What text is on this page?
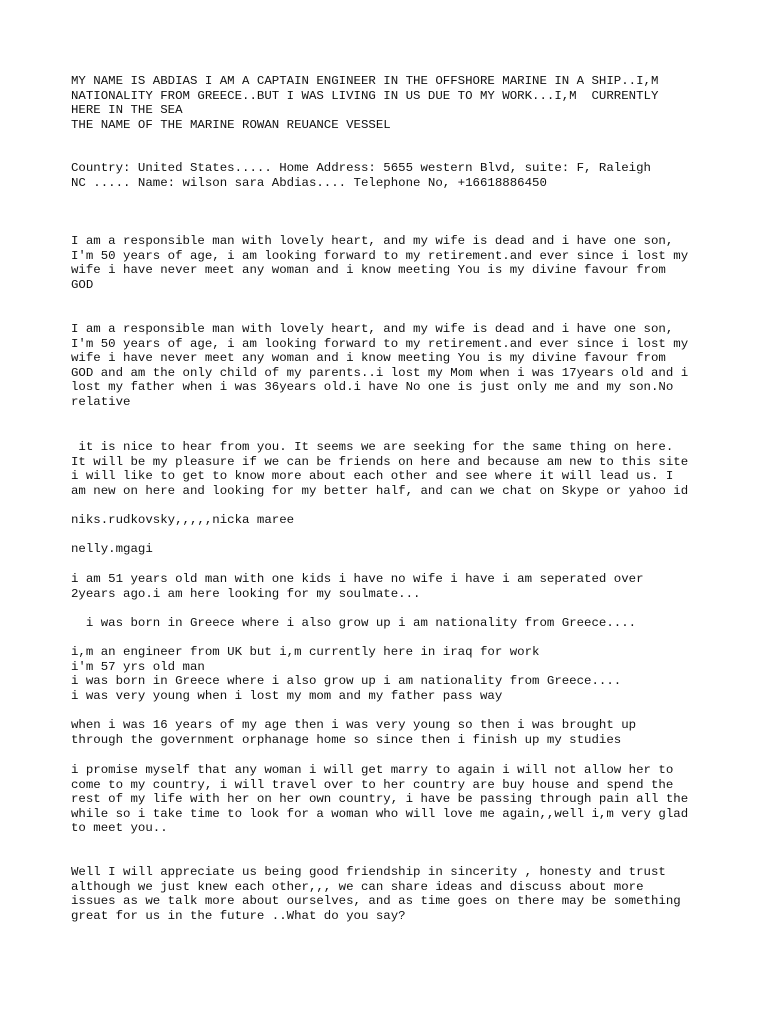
MY NAME IS ABDIAS I AM A CAPTAIN ENGINEER IN THE OFFSHORE MARINE IN A SHIP..I,M
NATIONALITY FROM GREECE..BUT I WAS LIVING IN US DUE TO MY WORK...I,M  CURRENTLY
HERE IN THE SEA
THE NAME OF THE MARINE ROWAN REUANCE VESSEL

Country: United States..... Home Address: 5655 western Blvd, suite: F, Raleigh
NC ..... Name: wilson sara Abdias.... Telephone No, +16618886450

I am a responsible man with lovely heart, and my wife is dead and i have one son,
I'm 50 years of age, i am looking forward to my retirement.and ever since i lost my
wife i have never meet any woman and i know meeting You is my divine favour from
GOD

I am a responsible man with lovely heart, and my wife is dead and i have one son,
I'm 50 years of age, i am looking forward to my retirement.and ever since i lost my
wife i have never meet any woman and i know meeting You is my divine favour from
GOD and am the only child of my parents..i lost my Mom when i was 17years old and i
lost my father when i was 36years old.i have No one is just only me and my son.No
relative

it is nice to hear from you. It seems we are seeking for the same thing on here.
It will be my pleasure if we can be friends on here and because am new to this site
i will like to get to know more about each other and see where it will lead us. I
am new on here and looking for my better half, and can we chat on Skype or yahoo id

niks.rudkovsky,,,,,nicka maree

nelly.mgagi

i am 51 years old man with one kids i have no wife i have i am seperated over
2years ago.i am here looking for my soulmate...

i was born in Greece where i also grow up i am nationality from Greece....

i,m an engineer from UK but i,m currently here in iraq for work
i'm 57 yrs old man
i was born in Greece where i also grow up i am nationality from Greece....
i was very young when i lost my mom and my father pass way

when i was 16 years of my age then i was very young so then i was brought up
through the government orphanage home so since then i finish up my studies

i promise myself that any woman i will get marry to again i will not allow her to
come to my country, i will travel over to her country are buy house and spend the
rest of my life with her on her own country, i have be passing through pain all the
while so i take time to look for a woman who will love me again,,well i,m very glad
to meet you..

Well I will appreciate us being good friendship in sincerity , honesty and trust
although we just knew each other,,, we can share ideas and discuss about more
issues as we talk more about ourselves, and as time goes on there may be something
great for us in the future ..What do you say?
